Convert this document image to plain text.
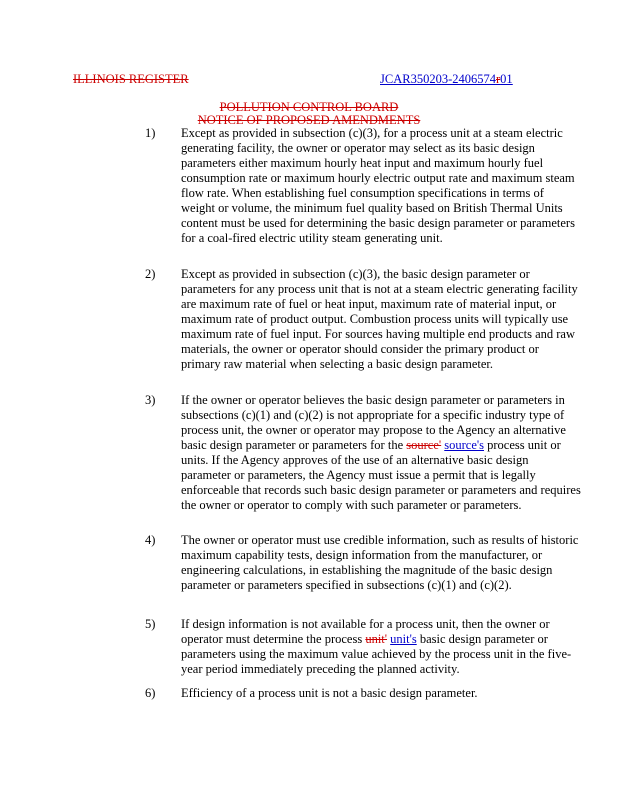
ILLINOIS REGISTER	JCAR350203-2406574r01
POLLUTION CONTROL BOARD
NOTICE OF PROPOSED AMENDMENTS
1) Except as provided in subsection (c)(3), for a process unit at a steam electric generating facility, the owner or operator may select as its basic design parameters either maximum hourly heat input and maximum hourly fuel consumption rate or maximum hourly electric output rate and maximum steam flow rate. When establishing fuel consumption specifications in terms of weight or volume, the minimum fuel quality based on British Thermal Units content must be used for determining the basic design parameter or parameters for a coal-fired electric utility steam generating unit.
2) Except as provided in subsection (c)(3), the basic design parameter or parameters for any process unit that is not at a steam electric generating facility are maximum rate of fuel or heat input, maximum rate of material input, or maximum rate of product output. Combustion process units will typically use maximum rate of fuel input. For sources having multiple end products and raw materials, the owner or operator should consider the primary product or primary raw material when selecting a basic design parameter.
3) If the owner or operator believes the basic design parameter or parameters in subsections (c)(1) and (c)(2) is not appropriate for a specific industry type of process unit, the owner or operator may propose to the Agency an alternative basic design parameter or parameters for the source' source's process unit or units. If the Agency approves of the use of an alternative basic design parameter or parameters, the Agency must issue a permit that is legally enforceable that records such basic design parameter or parameters and requires the owner or operator to comply with such parameter or parameters.
4) The owner or operator must use credible information, such as results of historic maximum capability tests, design information from the manufacturer, or engineering calculations, in establishing the magnitude of the basic design parameter or parameters specified in subsections (c)(1) and (c)(2).
5) If design information is not available for a process unit, then the owner or operator must determine the process unit' unit's basic design parameter or parameters using the maximum value achieved by the process unit in the five-year period immediately preceding the planned activity.
6) Efficiency of a process unit is not a basic design parameter.
